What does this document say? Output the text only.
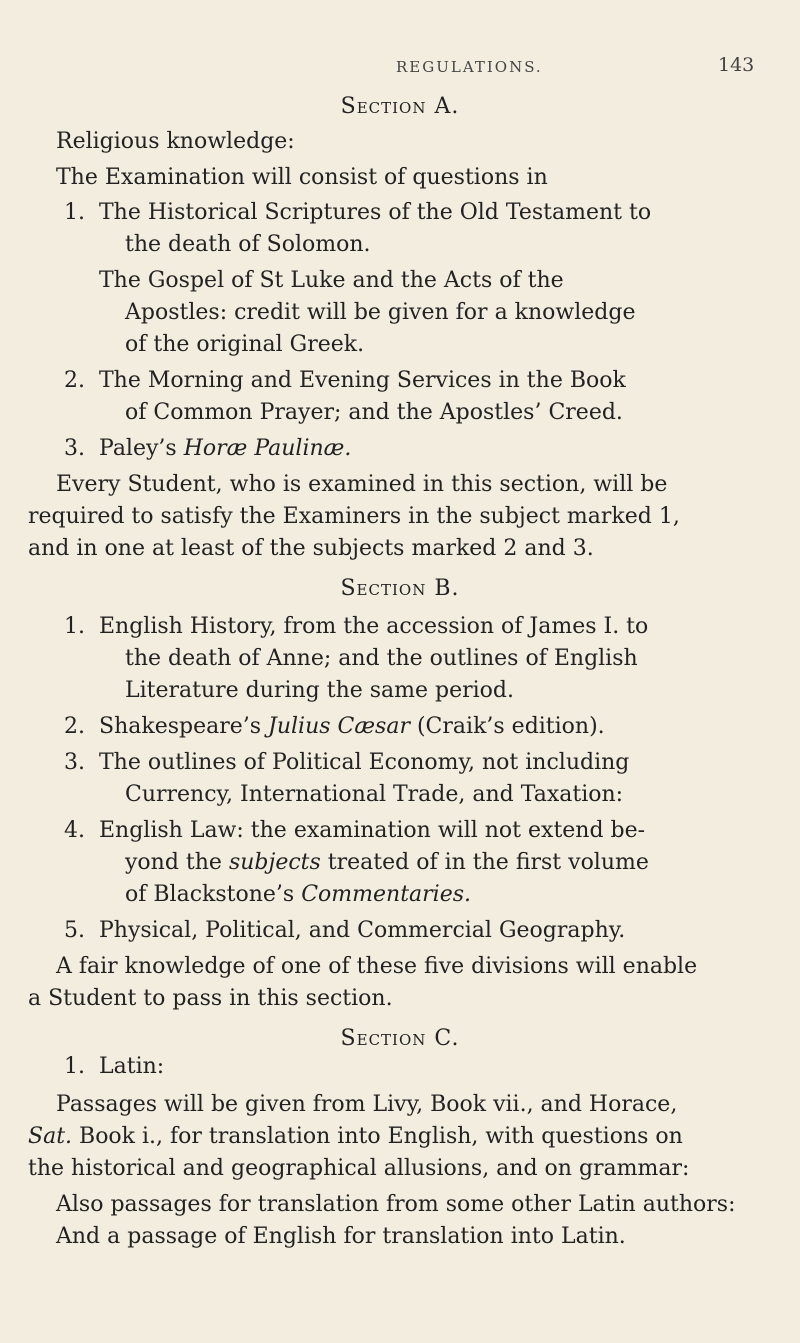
REGULATIONS.	143
Section A.
Religious knowledge:
The Examination will consist of questions in
1. The Historical Scriptures of the Old Testament to
the death of Solomon.
The Gospel of St Luke and the Acts of the
Apostles: credit will be given for a knowledge
of the original Greek.
2. The Morning and Evening Services in the Book
of Common Prayer; and the Apostles’ Creed.
3. Paley’s Horæ Paulinæ.
Every Student, who is examined in this section, will be
required to satisfy the Examiners in the subject marked 1,
and in one at least of the subjects marked 2 and 3.
Section B.
1. English History, from the accession of James I. to
the death of Anne; and the outlines of English
Literature during the same period.
2. Shakespeare’s Julius Cæsar (Craik’s edition).
3. The outlines of Political Economy, not including
Currency, International Trade, and Taxation:
4. English Law: the examination will not extend be-
yond the subjects treated of in the first volume
of Blackstone’s Commentaries.
5. Physical, Political, and Commercial Geography.
A fair knowledge of one of these five divisions will enable
a Student to pass in this section.
Section C.
1. Latin:
Passages will be given from Livy, Book vii., and Horace,
Sat. Book i., for translation into English, with questions on
the historical and geographical allusions, and on grammar:
Also passages for translation from some other Latin authors:
And a passage of English for translation into Latin.
